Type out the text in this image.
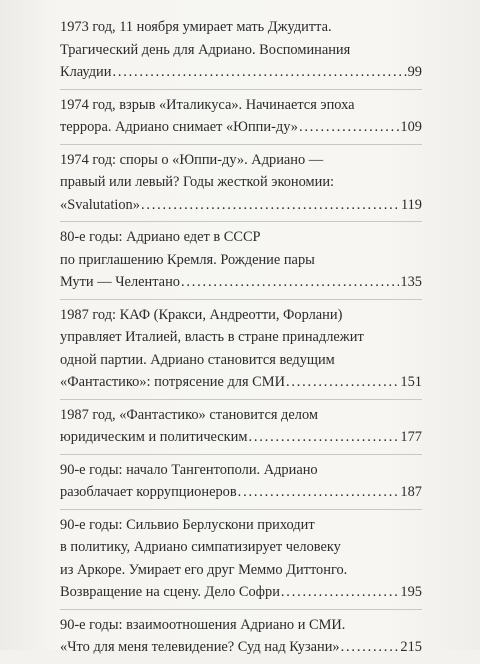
1973 год, 11 ноября умирает мать Джудитта.
Трагический день для Адриано. Воспоминания
Клаудии . . .	99
1974 год, взрыв «Италикуса». Начинается эпоха
террора. Адриано снимает «Юппи-ду» . . .	109
1974 год: споры о «Юппи-ду». Адриано —
правый или левый? Годы жесткой экономии:
«Svalutation» . . .	119
80-е годы: Адриано едет в СССР
по приглашению Кремля. Рождение пары
Мути — Челентано . . .	135
1987 год: КАФ (Кракси, Андреотти, Форлани)
управляет Италией, власть в стране принадлежит
одной партии. Адриано становится ведущим
«Фантастико»: потрясение для СМИ . . .	151
1987 год, «Фантастико» становится делом
юридическим и политическим . . .	177
90-е годы: начало Тангентополи. Адриано
разоблачает коррупционеров . . .	187
90-е годы: Сильвио Берлускони приходит
в политику, Адриано симпатизирует человеку
из Аркоре. Умирает его друг Меммо Диттонго.
Возвращение на сцену. Дело Софри . . .	195
90-е годы: взаимоотношения Адриано и СМИ.
«Что для меня телевидение? Суд над Кузани» . . .	215
